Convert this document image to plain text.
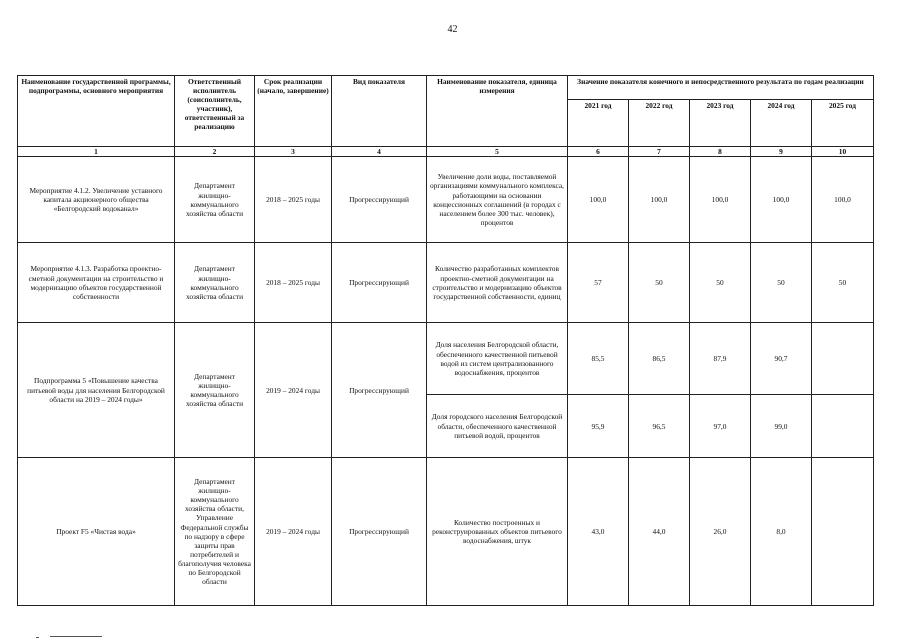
42
Наименование государственной программы, подпрограммы, основного мероприятия	Ответственный исполнитель (соисполнитель, участник), ответственный за реализацию	Срок реализации (начало, завершение)	Вид показателя	Наименование показателя, единица измерения	Значение показателя конечного и непосредственного результата по годам реализации				
					2021 год	2022 год	2023 год	2024 год	2025 год
1	2	3	4	5	6	7	8	9	10
Мероприятие 4.1.2. Увеличение уставного капитала акционерного общества «Белгородский водоканал»	Департамент жилищно-коммунального хозяйства области	2018 – 2025 годы	Прогрессирующий	Увеличение доли воды, поставляемой организациями коммунального комплекса, работающими на основании концессионных соглашений (в городах с населением более 300 тыс. человек), процентов	100,0	100,0	100,0	100,0	100,0
Мероприятие 4.1.3. Разработка проектно-сметной документации на строительство и модернизацию объектов государственной собственности	Департамент жилищно-коммунального хозяйства области	2018 – 2025 годы	Прогрессирующий	Количество разработанных комплектов проектно-сметной документации на строительство и модернизацию объектов государственной собственности, единиц	57	50	50	50	50
Подпрограмма 5 «Повышение качества питьевой воды для населения Белгородской области на 2019 – 2024 годы»	Департамент жилищно-коммунального хозяйства области	2019 – 2024 годы	Прогрессирующий	Доля населения Белгородской области, обеспеченного качественной питьевой водой из систем централизованного водоснабжения, процентов	85,5	86,5	87,9	90,7	
				Доля городского населения Белгородской области, обеспеченного качественной питьевой водой, процентов	95,9	96,5	97,0	99,0	
Проект F5 «Чистая вода»	Департамент жилищно-коммунального хозяйства области, Управление Федеральной службы по надзору в сфере защиты прав потребителей и благополучия человека по Белгородской области	2019 – 2024 годы	Прогрессирующий	Количество построенных и реконструированных объектов питьевого водоснабжения, штук	43,0	44,0	26,0	8,0	
